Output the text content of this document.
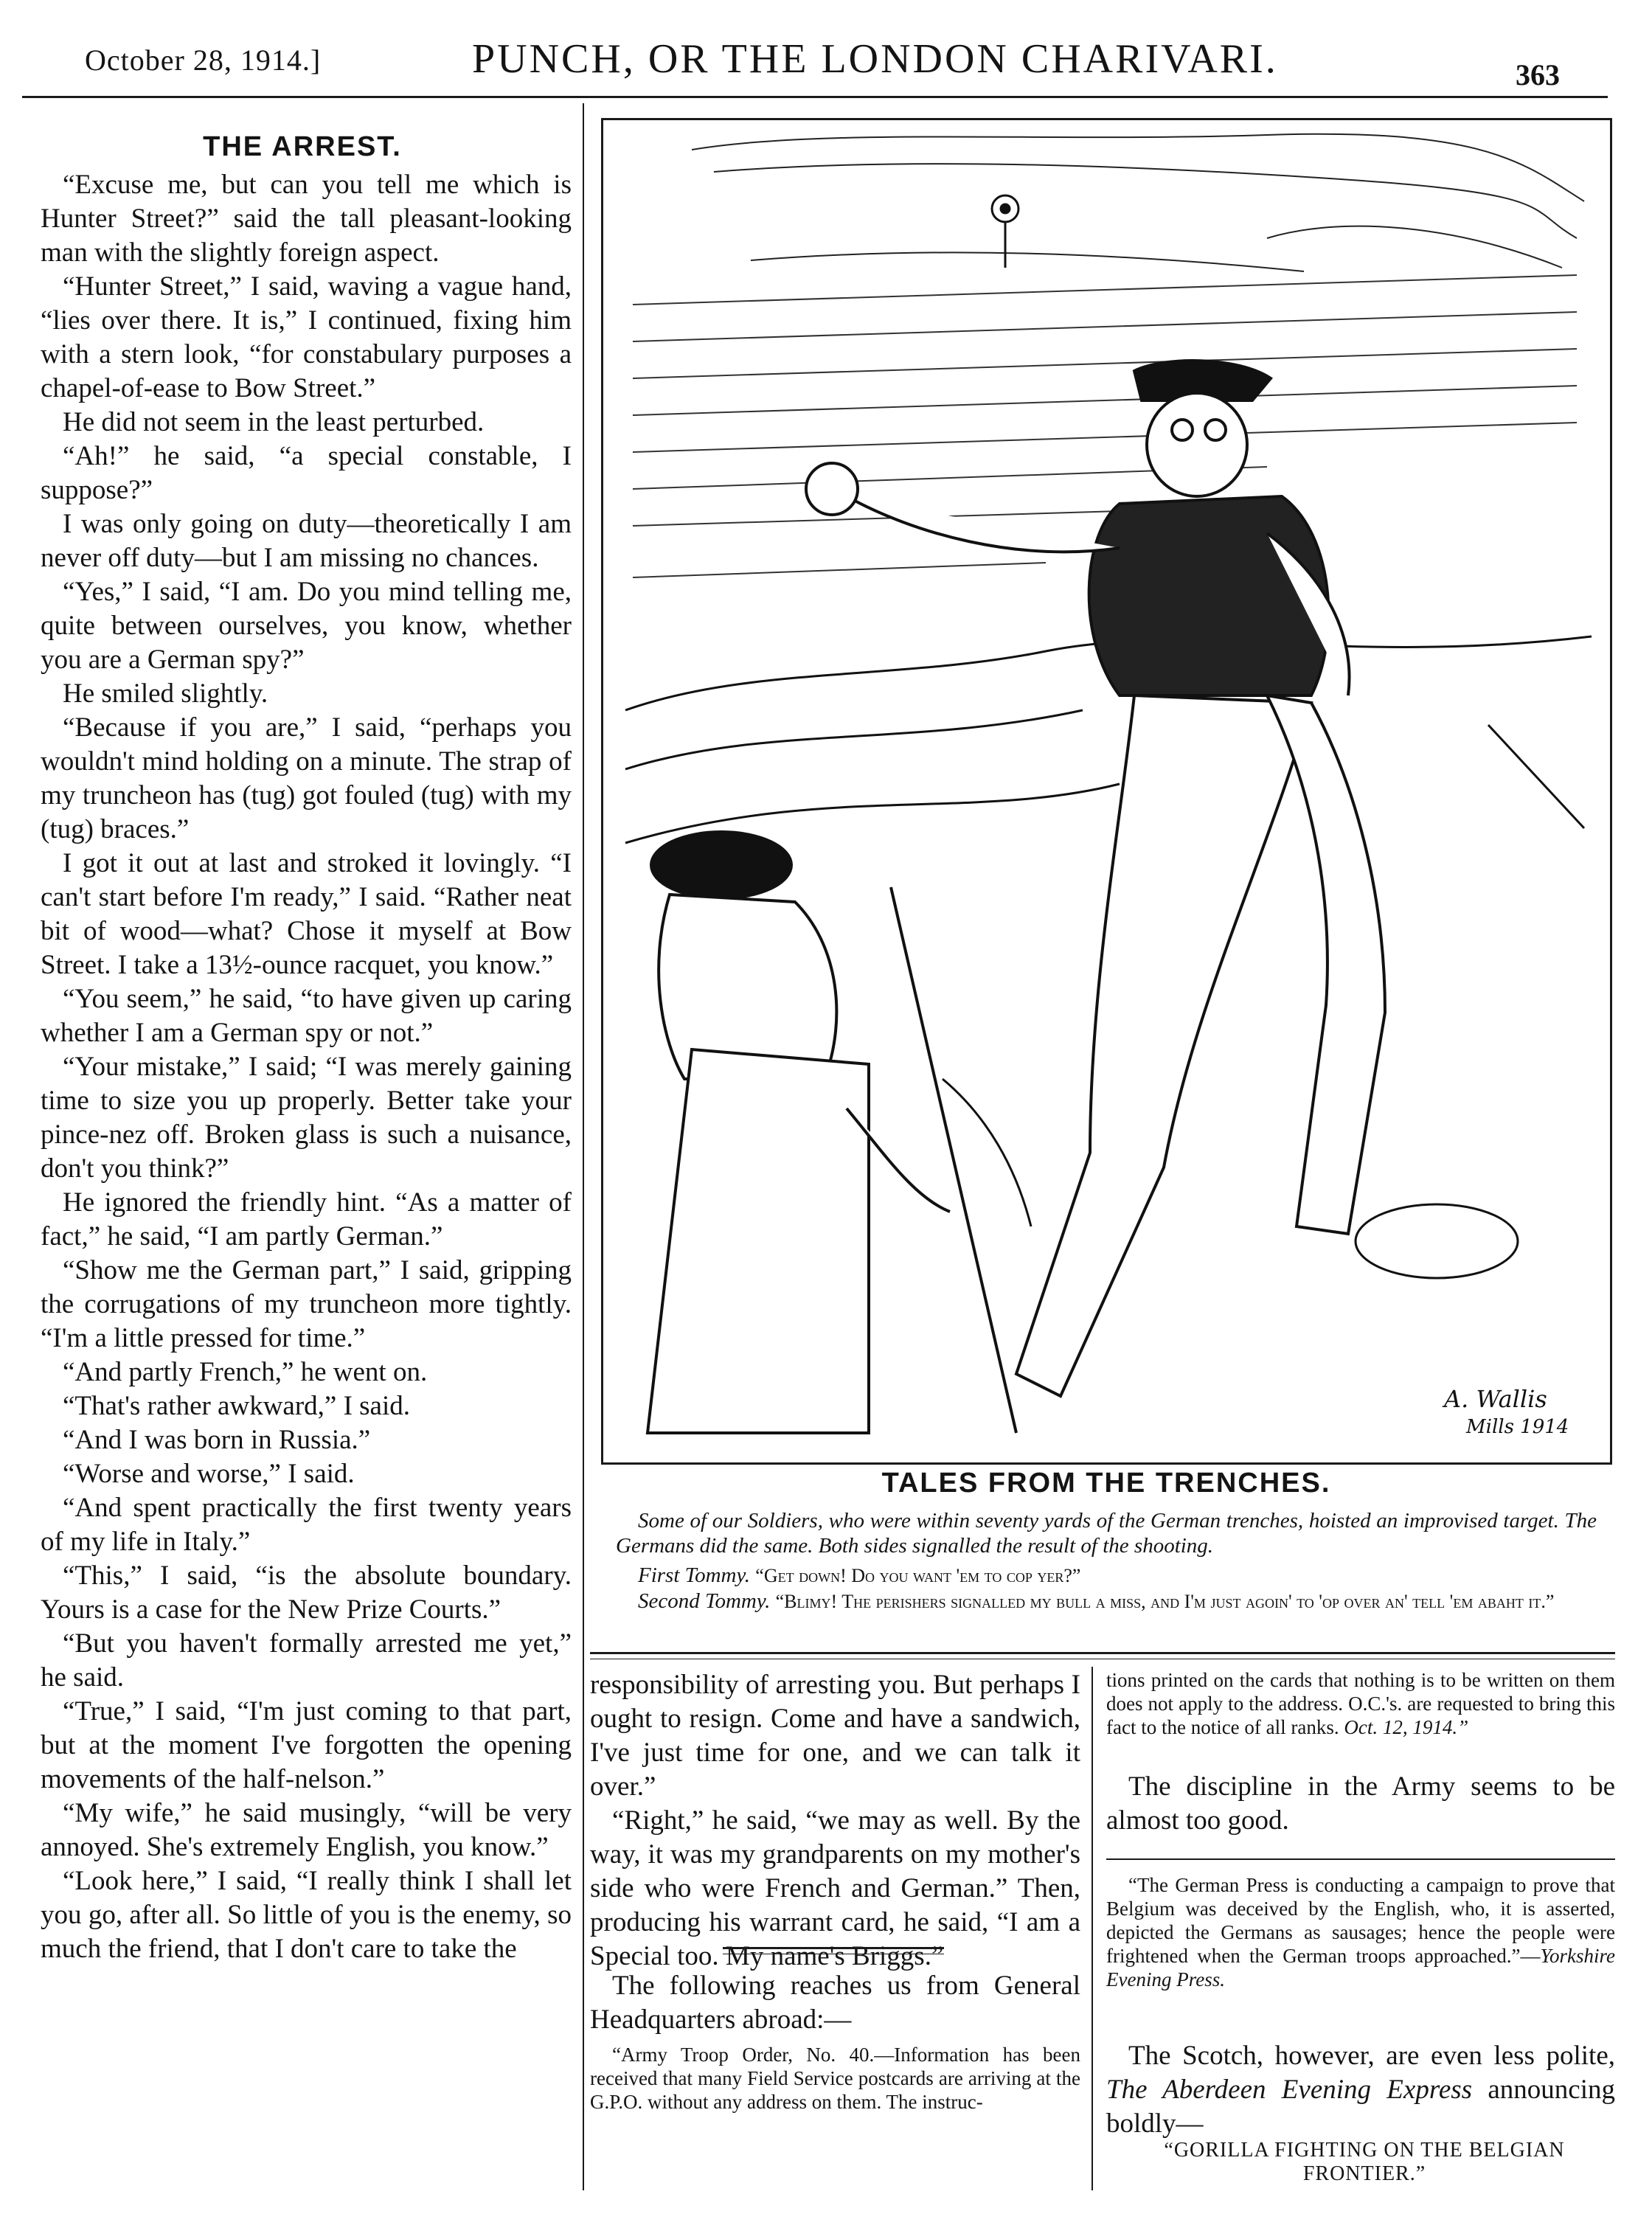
October 28, 1914.]	PUNCH, OR THE LONDON CHARIVARI.	363
THE ARREST.

“Excuse me, but can you tell me which is Hunter Street?” said the tall pleasant-looking man with the slightly foreign aspect.

“Hunter Street,” I said, waving a vague hand, “lies over there. It is,” I continued, fixing him with a stern look, “for constabulary purposes a chapel-of-ease to Bow Street.”

He did not seem in the least perturbed.

“Ah!” he said, “a special constable, I suppose?”

I was only going on duty—theoretically I am never off duty—but I am missing no chances.

“Yes,” I said, “I am. Do you mind telling me, quite between ourselves, you know, whether you are a German spy?”

He smiled slightly.

“Because if you are,” I said, “perhaps you wouldn't mind holding on a minute. The strap of my truncheon has (tug) got fouled (tug) with my (tug) braces.”

I got it out at last and stroked it lovingly. “I can't start before I'm ready,” I said. “Rather neat bit of wood—what? Chose it myself at Bow Street. I take a 13½-ounce racquet, you know.”

“You seem,” he said, “to have given up caring whether I am a German spy or not.”

“Your mistake,” I said; “I was merely gaining time to size you up properly. Better take your pince-nez off. Broken glass is such a nuisance, don't you think?”

He ignored the friendly hint. “As a matter of fact,” he said, “I am partly German.”

“Show me the German part,” I said, gripping the corrugations of my truncheon more tightly. “I'm a little pressed for time.”

“And partly French,” he went on.

“That's rather awkward,” I said.

“And I was born in Russia.”

“Worse and worse,” I said.

“And spent practically the first twenty years of my life in Italy.”

“This,” I said, “is the absolute boundary. Yours is a case for the New Prize Courts.”

“But you haven't formally arrested me yet,” he said.

“True,” I said, “I'm just coming to that part, but at the moment I've forgotten the opening movements of the half-nelson.”

“My wife,” he said musingly, “will be very annoyed. She's extremely English, you know.”

“Look here,” I said, “I really think I shall let you go, after all. So little of you is the enemy, so much the friend, that I don't care to take the

A. Wallis
Mills 1914
TALES FROM THE TRENCHES.

Some of our Soldiers, who were within seventy yards of the German trenches, hoisted an improvised target. The Germans did the same. Both sides signalled the result of the shooting.

First Tommy. “Get down! Do you want 'em to cop yer?”

Second Tommy. “Blimy! The perishers signalled my bull a miss, and I'm just agoin' to 'op over an' tell 'em abaht it.”

responsibility of arresting you. But perhaps I ought to resign. Come and have a sandwich, I've just time for one, and we can talk it over.”

“Right,” he said, “we may as well. By the way, it was my grandparents on my mother's side who were French and German.” Then, producing his warrant card, he said, “I am a Special too. My name's Briggs.”

The following reaches us from General Headquarters abroad:—

“Army Troop Order, No. 40.—Information has been received that many Field Service postcards are arriving at the G.P.O. without any address on them. The instruc-

tions printed on the cards that nothing is to be written on them does not apply to the address. O.C.'s. are requested to bring this fact to the notice of all ranks. Oct. 12, 1914.”

The discipline in the Army seems to be almost too good.

“The German Press is conducting a campaign to prove that Belgium was deceived by the English, who, it is asserted, depicted the Germans as sausages; hence the people were frightened when the German troops approached.”—Yorkshire Evening Press.

The Scotch, however, are even less polite, The Aberdeen Evening Express announcing boldly—

“GORILLA FIGHTING ON THE BELGIAN FRONTIER.”
